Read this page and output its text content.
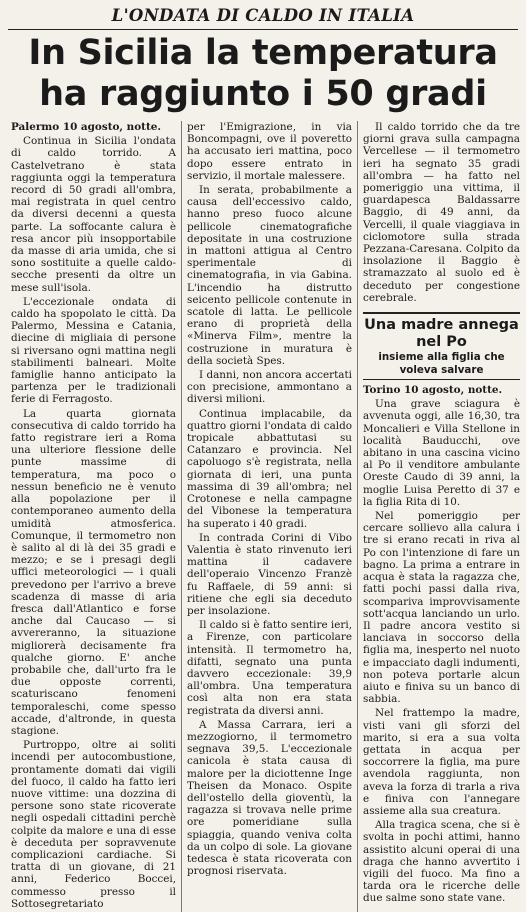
L'ONDATA DI CALDO IN ITALIA
In Sicilia la temperatura
ha raggiunto i 50 gradi

Palermo 10 agosto, notte.

Continua in Sicilia l'ondata di caldo torrido. A Castelvetrano è stata raggiunta oggi la temperatura record di 50 gradi all'ombra, mai registrata in quel centro da diversi decenni a questa parte. La soffocante calura è resa ancor più insopportabile da masse di aria umida, che si sono sostituite a quelle caldo-secche presenti da oltre un mese sull'isola.

L'eccezionale ondata di caldo ha spopolato le città. Da Palermo, Messina e Catania, diecine di migliaia di persone si riversano ogni mattina negli stabilimenti balneari. Molte famiglie hanno anticipato la partenza per le tradizionali ferie di Ferragosto.

La quarta giornata consecutiva di caldo torrido ha fatto registrare ieri a Roma una ulteriore flessione delle punte massime di temperatura, ma poco o nessun beneficio ne è venuto alla popolazione per il contemporaneo aumento della umidità atmosferica. Comunque, il termometro non è salito al di là dei 35 gradi e mezzo; e se i presagi degli uffici meteorologici — i quali prevedono per l'arrivo a breve scadenza di masse di aria fresca dall'Atlantico e forse anche dal Caucaso — si avvereranno, la situazione migliorerà decisamente fra qualche giorno. E' anche probabile che, dall'urto fra le due opposte correnti, scaturiscano fenomeni temporaleschi, come spesso accade, d'altronde, in questa stagione.

Purtroppo, oltre ai soliti incendi per autocombustione, prontamente domati dai vigili del fuoco, il caldo ha fatto ieri nuove vittime: una dozzina di persone sono state ricoverate negli ospedali cittadini perchè colpite da malore e una di esse è deceduta per sopravvenute complicazioni cardiache. Si tratta di un giovane, di 21 anni, Federico Boccei, commesso presso il Sottosegretariato

per l'Emigrazione, in via Boncompagni, ove il poveretto ha accusato ieri mattina, poco dopo essere entrato in servizio, il mortale malessere.

In serata, probabilmente a causa dell'eccessivo caldo, hanno preso fuoco alcune pellicole cinematografiche depositate in una costruzione in mattoni attigua al Centro sperimentale di cinematografia, in via Gabina. L'incendio ha distrutto seicento pellicole contenute in scatole di latta. Le pellicole erano di proprietà della «Minerva Film», mentre la costruzione in muratura è della società Spes.

I danni, non ancora accertati con precisione, ammontano a diversi milioni.

Continua implacabile, da quattro giorni l'ondata di caldo tropicale abbattutasi su Catanzaro e provincia. Nel capoluogo s'è registrata, nella giornata di ieri, una punta massima di 39 all'ombra; nel Crotonese e nella campagne del Vibonese la temperatura ha superato i 40 gradi.

In contrada Corini di Vibo Valentia è stato rinvenuto ieri mattina il cadavere dell'operaio Vincenzo Franzè fu Raffaele, di 59 anni: si ritiene che egli sia deceduto per insolazione.

Il caldo si è fatto sentire ieri, a Firenze, con particolare intensità. Il termometro ha, difatti, segnato una punta davvero eccezionale: 39,9 all'ombra. Una temperatura così alta non era stata registrata da diversi anni.

A Massa Carrara, ieri a mezzogiorno, il termometro segnava 39,5. L'eccezionale canicola è stata causa di malore per la diciottenne Inge Theisen da Monaco. Ospite dell'ostello della gioventù, la ragazza si trovava nelle prime ore pomeridiane sulla spiaggia, quando veniva colta da un colpo di sole. La giovane tedesca è stata ricoverata con prognosi riservata.

Il caldo torrido che da tre giorni grava sulla campagna Vercellese — il termometro ieri ha segnato 35 gradi all'ombra — ha fatto nel pomeriggio una vittima, il guardapesca Baldassarre Baggio, di 49 anni, da Vercelli, il quale viaggiava in ciclomotore sulla strada Pezzana-Caresana. Colpito da insolazione il Baggio è stramazzato al suolo ed è deceduto per congestione cerebrale.

Una madre annega nel Po
insieme alla figlia che voleva salvare

Torino 10 agosto, notte.

Una grave sciagura è avvenuta oggi, alle 16,30, tra Moncalieri e Villa Stellone in località Bauducchi, ove abitano in una cascina vicino al Po il venditore ambulante Oreste Caudo di 39 anni, la moglie Luisa Peretto di 37 e la figlia Rita di 10.

Nel pomeriggio per cercare sollievo alla calura i tre si erano recati in riva al Po con l'intenzione di fare un bagno. La prima a entrare in acqua è stata la ragazza che, fatti pochi passi dalla riva, scompariva improvvisamente sott'acqua lanciando un urlo. Il padre ancora vestito si lanciava in soccorso della figlia ma, inesperto nel nuoto e impacciato dagli indumenti, non poteva portarle alcun aiuto e finiva su un banco di sabbia.

Nel frattempo la madre, visti vani gli sforzi del marito, si era a sua volta gettata in acqua per soccorrere la figlia, ma pure avendola raggiunta, non aveva la forza di trarla a riva e finiva con l'annegare assieme alla sua creatura.

Alla tragica scena, che si è svolta in pochi attimi, hanno assistito alcuni operai di una draga che hanno avvertito i vigili del fuoco. Ma fino a tarda ora le ricerche delle due salme sono state vane.
